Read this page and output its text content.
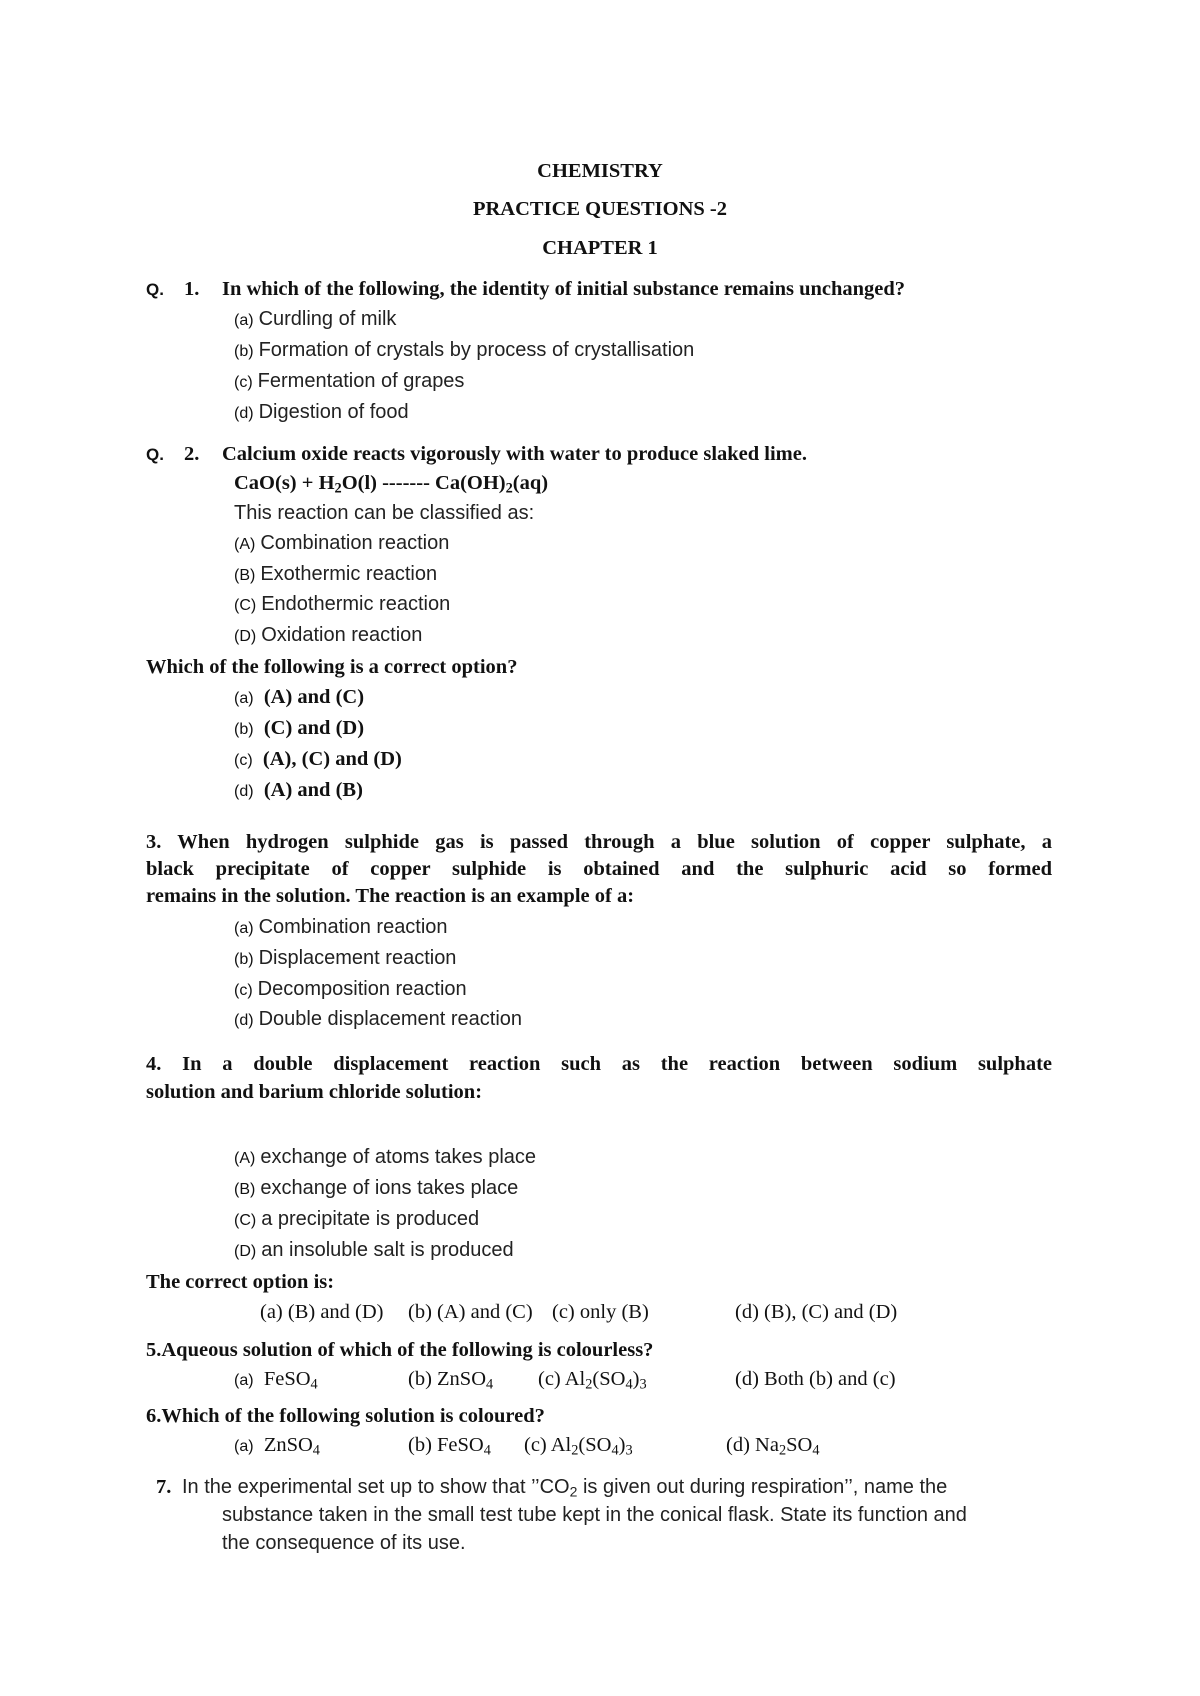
CHEMISTRY
PRACTICE QUESTIONS -2
CHAPTER 1
Q. 1. In which of the following, the identity of initial substance remains unchanged?
(a) Curdling of milk
(b) Formation of crystals by process of crystallisation
(c) Fermentation of grapes
(d) Digestion of food
Q. 2. Calcium oxide reacts vigorously with water to produce slaked lime.
$CaO(s) + H_2O(l)$ ------- $Ca(OH)_2(aq)$
This reaction can be classified as:
(A) Combination reaction
(B) Exothermic reaction
(C) Endothermic reaction
(D) Oxidation reaction
Which of the following is a correct option?
(a) (A) and (C)
(b) (C) and (D)
(c) (A), (C) and (D)
(d) (A) and (B)
3. When hydrogen sulphide gas is passed through a blue solution of copper sulphate, a
black precipitate of copper sulphide is obtained and the sulphuric acid so formed
remains in the solution. The reaction is an example of a:
(a) Combination reaction
(b) Displacement reaction
(c) Decomposition reaction
(d) Double displacement reaction
4. In a double displacement reaction such as the reaction between sodium sulphate
solution and barium chloride solution:
(A) exchange of atoms takes place
(B) exchange of ions takes place
(C) a precipitate is produced
(D) an insoluble salt is produced
The correct option is:
(a) (B) and (D) (b) (A) and (C) (c) only (B)	(d) (B), (C) and (D)
5.Aqueous solution of which of the following is colourless?
(a) FeSO$_4$	(b) ZnSO$_4$ (c) $Al_2(SO_4)_3$	(d) Both (b) and (c)
6.Which of the following solution is coloured?
(a) ZnSO$_4$	(b) FeSO$_4$ (c) $Al_2(SO_4)_3$	(d) $Na_2SO_4$
7. In the experimental set up to show that $’’CO_2$ is given out during respiration’’, name the
substance taken in the small test tube kept in the conical flask. State its function and
the consequence of its use.
